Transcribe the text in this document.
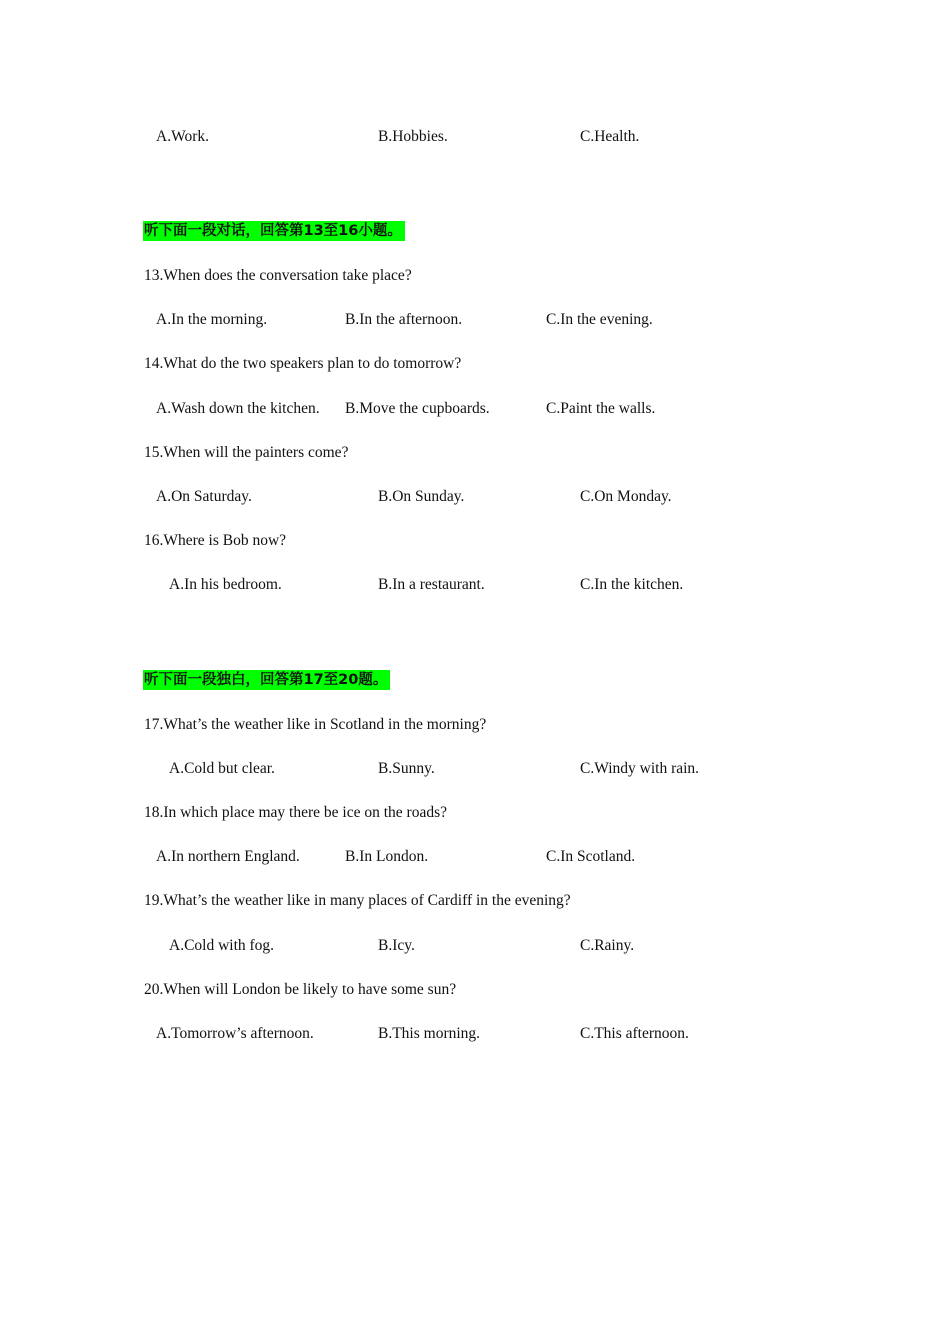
A.Work.	B.Hobbies.	C.Health.
听下面一段对话，回答第13至16小题。
13.When does the conversation take place?
A.In the morning.	B.In the afternoon.	C.In the evening.
14.What do the two speakers plan to do tomorrow?
A.Wash down the kitchen. B.Move the cupboards.	C.Paint the walls.
15.When will the painters come?
A.On Saturday.	B.On Sunday.	C.On Monday.
16.Where is Bob now?
A.In his bedroom.	B.In a restaurant.	C.In the kitchen.
听下面一段独白，回答第17至20题。
17.What’s the weather like in Scotland in the morning?
A.Cold but clear.	B.Sunny.	C.Windy with rain.
18.In which place may there be ice on the roads?
A.In northern England.	B.In London.	C.In Scotland.
19.What’s the weather like in many places of Cardiff in the evening?
A.Cold with fog.	B.Icy.	C.Rainy.
20.When will London be likely to have some sun?
A.Tomorrow’s afternoon.	B.This morning.	C.This afternoon.
